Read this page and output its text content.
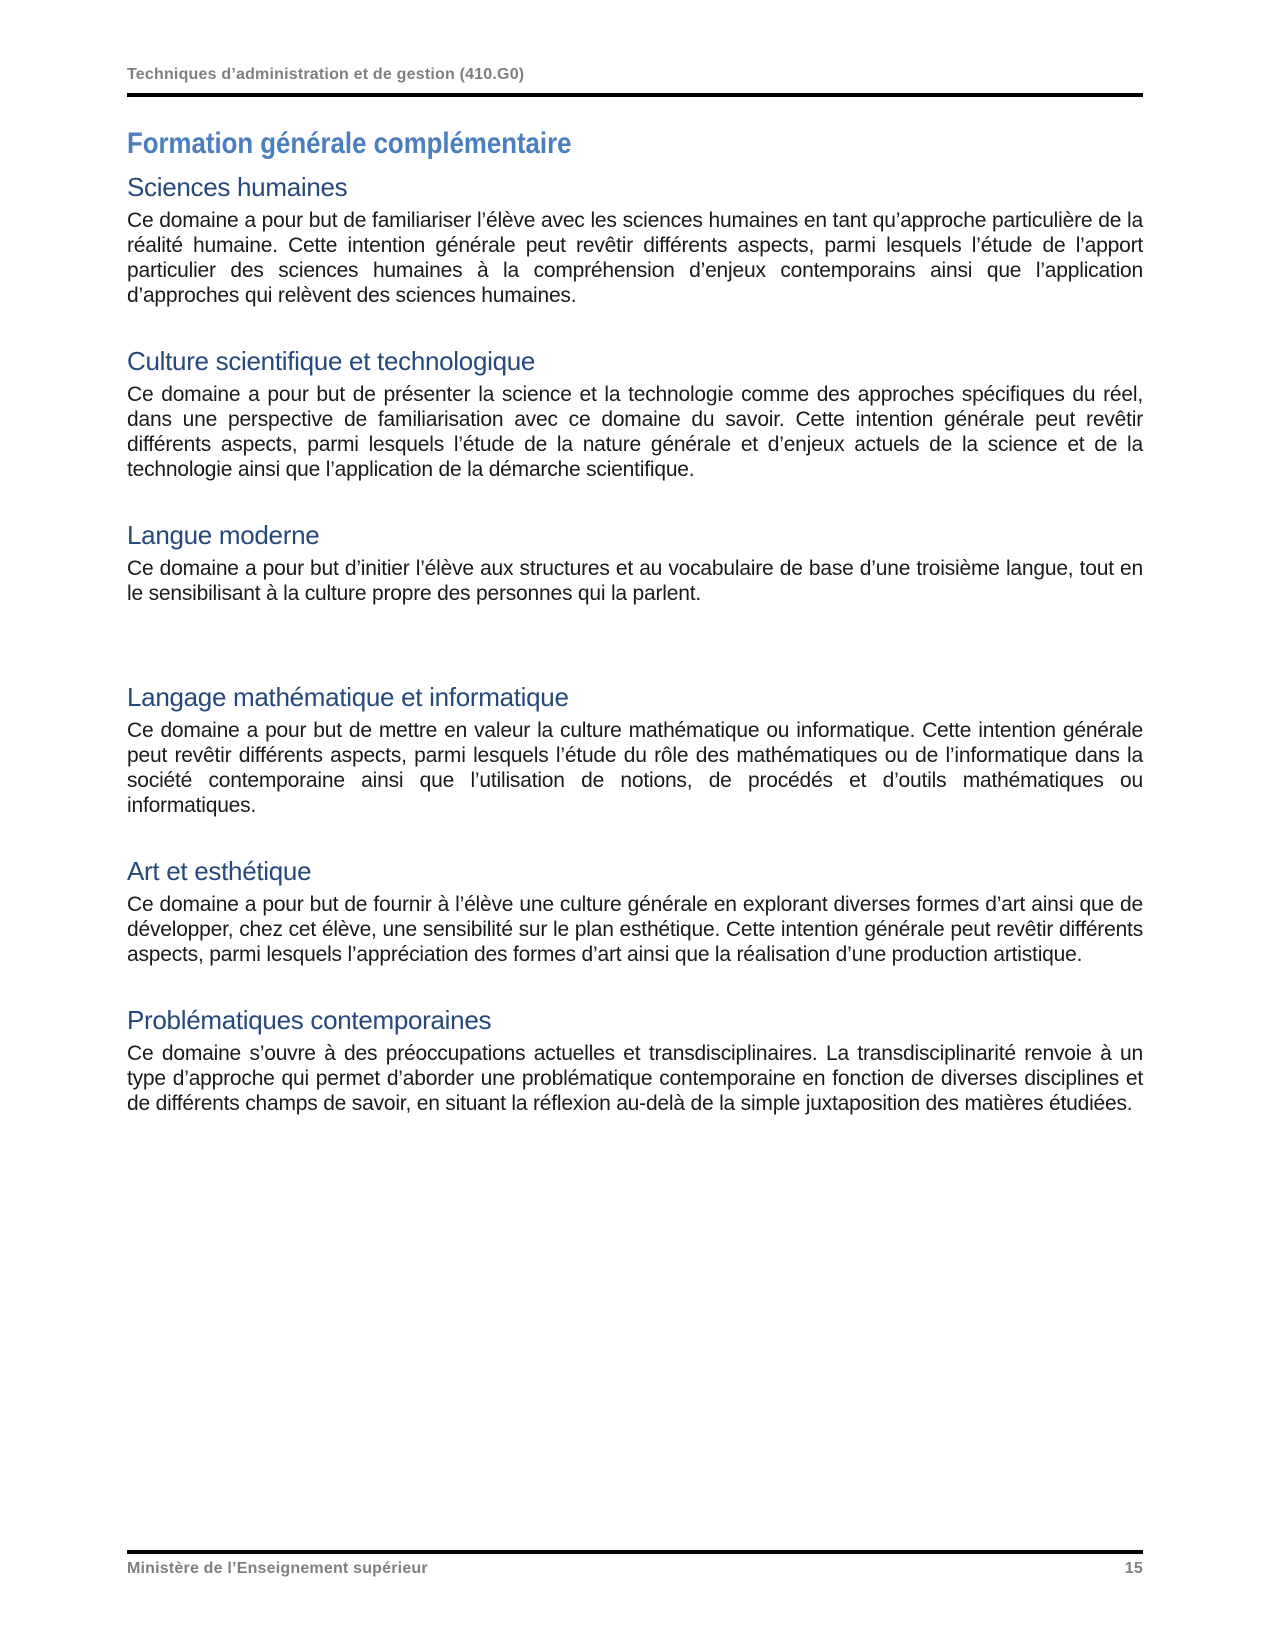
Techniques d’administration et de gestion (410.G0)
Formation générale complémentaire
Sciences humaines

Ce domaine a pour but de familiariser l’élève avec les sciences humaines en tant qu’approche particulière de la réalité humaine. Cette intention générale peut revêtir différents aspects, parmi lesquels l’étude de l’apport particulier des sciences humaines à la compréhension d’enjeux contemporains ainsi que l’application d’approches qui relèvent des sciences humaines.

Culture scientifique et technologique

Ce domaine a pour but de présenter la science et la technologie comme des approches spécifiques du réel, dans une perspective de familiarisation avec ce domaine du savoir. Cette intention générale peut revêtir différents aspects, parmi lesquels l’étude de la nature générale et d’enjeux actuels de la science et de la technologie ainsi que l’application de la démarche scientifique.

Langue moderne

Ce domaine a pour but d’initier l’élève aux structures et au vocabulaire de base d’une troisième langue, tout en le sensibilisant à la culture propre des personnes qui la parlent.

Langage mathématique et informatique

Ce domaine a pour but de mettre en valeur la culture mathématique ou informatique. Cette intention générale peut revêtir différents aspects, parmi lesquels l’étude du rôle des mathématiques ou de l’informatique dans la société contemporaine ainsi que l’utilisation de notions, de procédés et d’outils mathématiques ou informatiques.

Art et esthétique

Ce domaine a pour but de fournir à l’élève une culture générale en explorant diverses formes d’art ainsi que de développer, chez cet élève, une sensibilité sur le plan esthétique. Cette intention générale peut revêtir différents aspects, parmi lesquels l’appréciation des formes d’art ainsi que la réalisation d’une production artistique.

Problématiques contemporaines

Ce domaine s’ouvre à des préoccupations actuelles et transdisciplinaires. La transdisciplinarité renvoie à un type d’approche qui permet d’aborder une problématique contemporaine en fonction de diverses disciplines et de différents champs de savoir, en situant la réflexion au-delà de la simple juxtaposition des matières étudiées.

Ministère de l’Enseignement supérieur	15
